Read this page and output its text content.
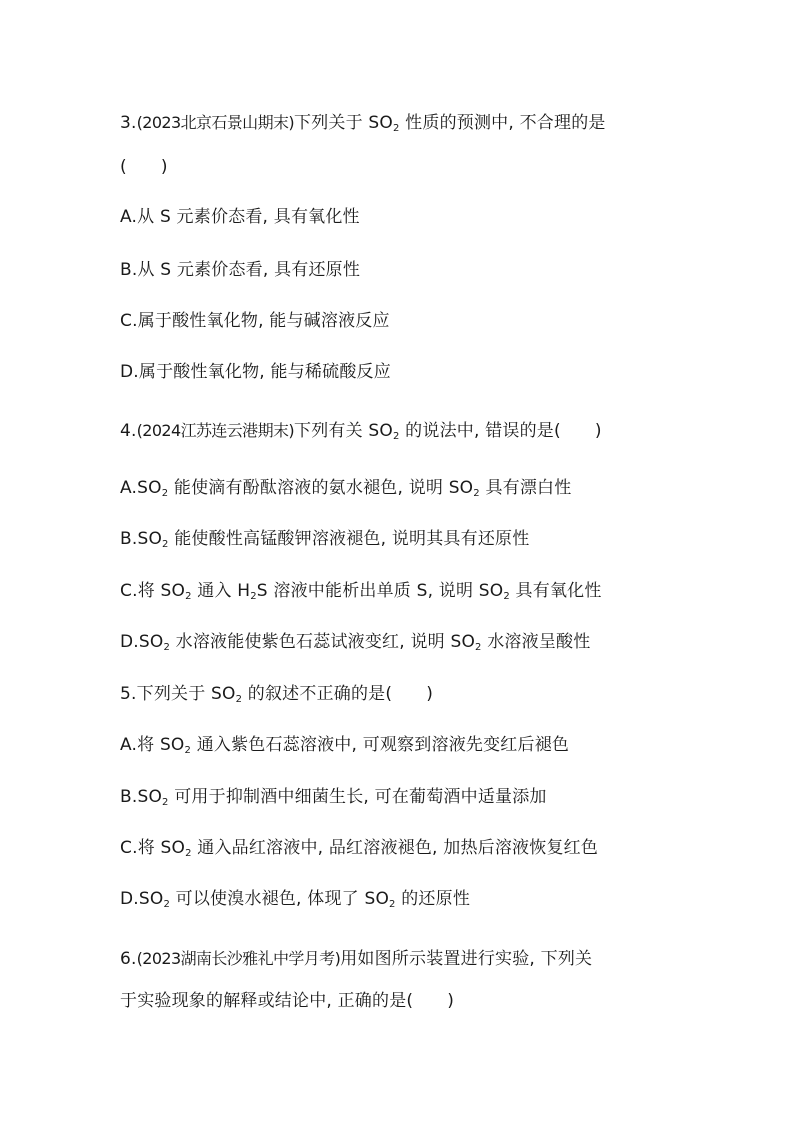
3.(2023北京石景山期末)下列关于 $SO_2$ 性质的预测中, 不合理的是
( )
A.从 S 元素价态看, 具有氧化性
B.从 S 元素价态看, 具有还原性
C.属于酸性氧化物, 能与碱溶液反应
D.属于酸性氧化物, 能与稀硫酸反应
4.(2024江苏连云港期末)下列有关 $SO_2$ 的说法中, 错误的是( )
$A.SO_2$ 能使滴有酚酞溶液的氨水褪色, 说明 $SO_2$ 具有漂白性
$B.SO_2$ 能使酸性高锰酸钾溶液褪色, 说明其具有还原性
C.将 $SO_2$ 通入 $H_2S$ 溶液中能析出单质 S, 说明 $SO_2$ 具有氧化性
$D.SO_2$ 水溶液能使紫色石蕊试液变红, 说明 $SO_2$ 水溶液呈酸性
5.下列关于 $SO_2$ 的叙述不正确的是( )
A.将 $SO_2$ 通入紫色石蕊溶液中, 可观察到溶液先变红后褪色
$B.SO_2$ 可用于抑制酒中细菌生长, 可在葡萄酒中适量添加
C.将 $SO_2$ 通入品红溶液中, 品红溶液褪色, 加热后溶液恢复红色
$D.SO_2$ 可以使溴水褪色, 体现了 $SO_2$ 的还原性
6.(2023湖南长沙雅礼中学月考)用如图所示装置进行实验, 下列关
于实验现象的解释或结论中, 正确的是( )
